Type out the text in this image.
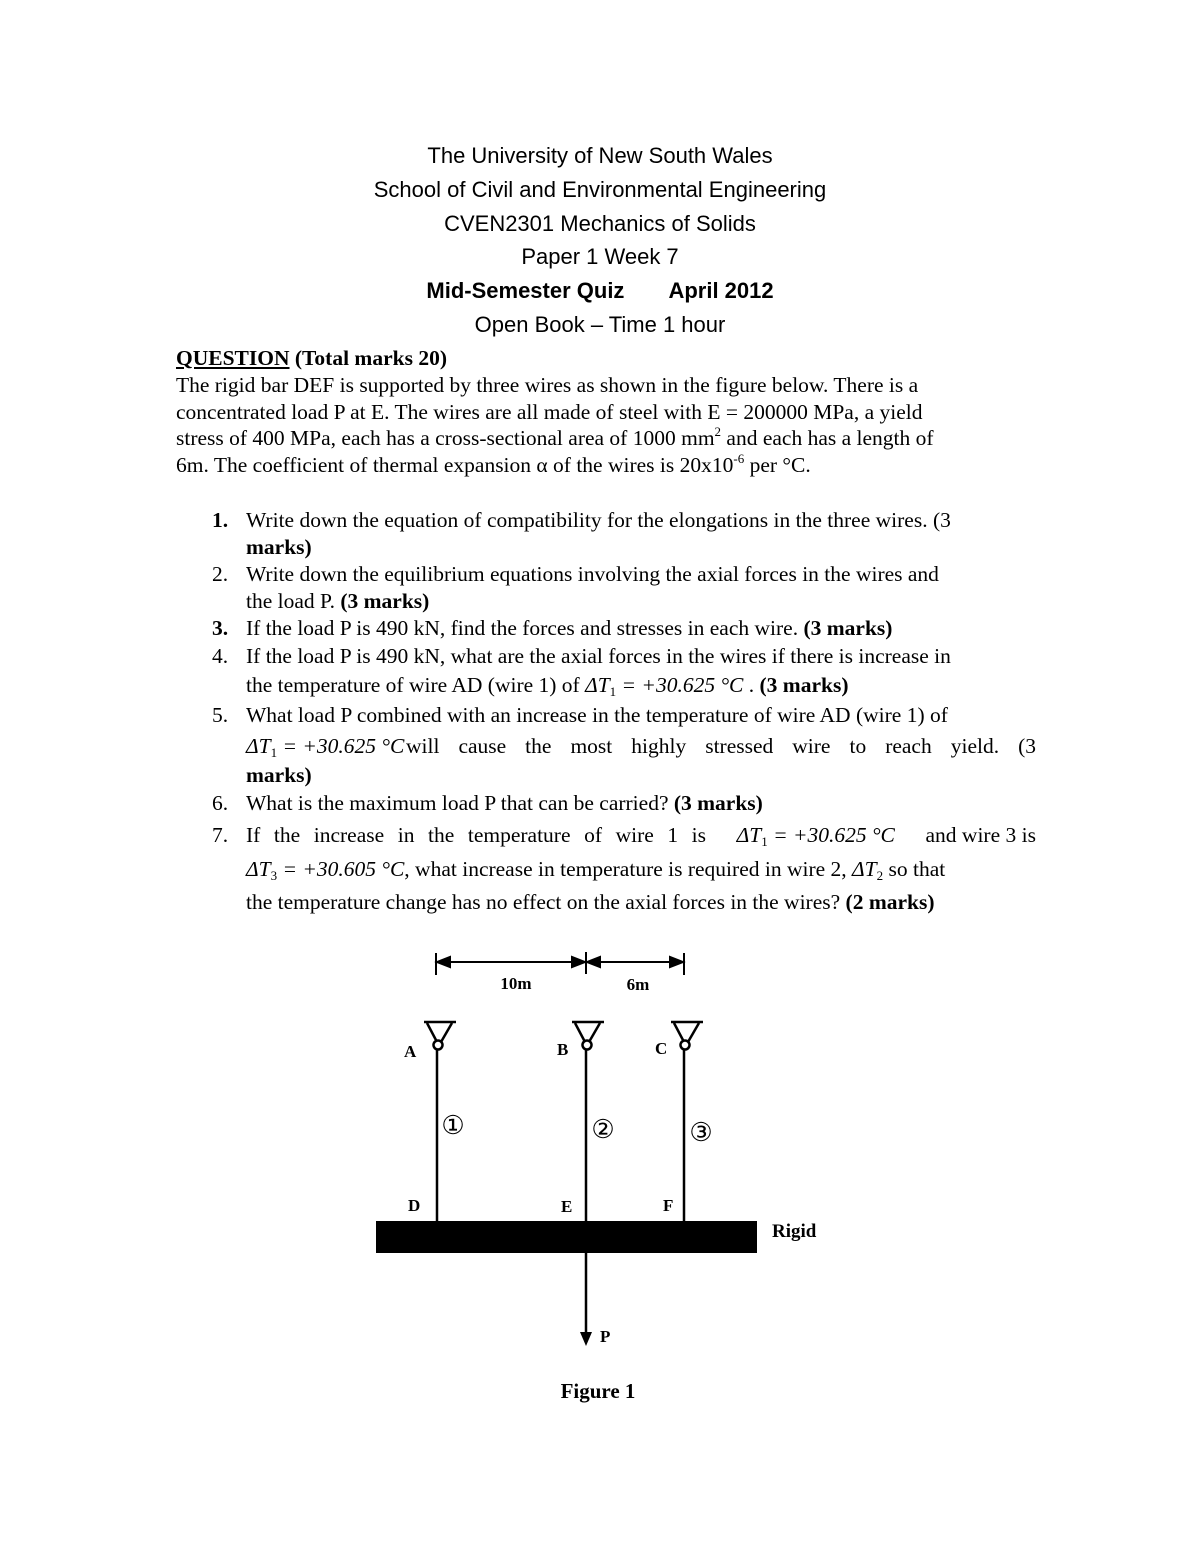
The University of New South Wales
School of Civil and Environmental Engineering
CVEN2301 Mechanics of Solids
Paper 1 Week 7
Mid-Semester Quiz April 2012
Open Book – Time 1 hour
QUESTION (Total marks 20)
The rigid bar DEF is supported by three wires as shown in the figure below. There is a
concentrated load P at E. The wires are all made of steel with E = 200000 MPa, a yield
stress of 400 MPa, each has a cross-sectional area of 1000 $mm^2$ and each has a length of
6m. The coefficient of thermal expansion α of the wires is $20x10^{-6}$ per °C.
1. Write down the equation of compatibility for the elongations in the three wires. (3
marks)
2. Write down the equilibrium equations involving the axial forces in the wires and
the load P. (3 marks)
3. If the load P is 490 kN, find the forces and stresses in each wire. (3 marks)
4. If the load P is 490 kN, what are the axial forces in the wires if there is increase in
the temperature of wire AD (wire 1) of $\Delta T_1 = +30.625$ °C . (3 marks)
5. What load P combined with an increase in the temperature of wire AD (wire 1) of
$\Delta T_1 = +30.625$ °C will cause the most highly stressed wire to reach yield. (3
marks)
6. What is the maximum load P that can be carried? (3 marks)
7. If the increase in the temperature of wire 1 is $\Delta T_1 = +30.625$ °C and wire 3 is
$\Delta T_3 = +30.605$ °C, what increase in temperature is required in wire 2, $\Delta T_2$ so that
the temperature change has no effect on the axial forces in the wires? (2 marks)
10m	6m
A	B	C
①	②	③
D	E	F
Rigid
P
Figure 1
